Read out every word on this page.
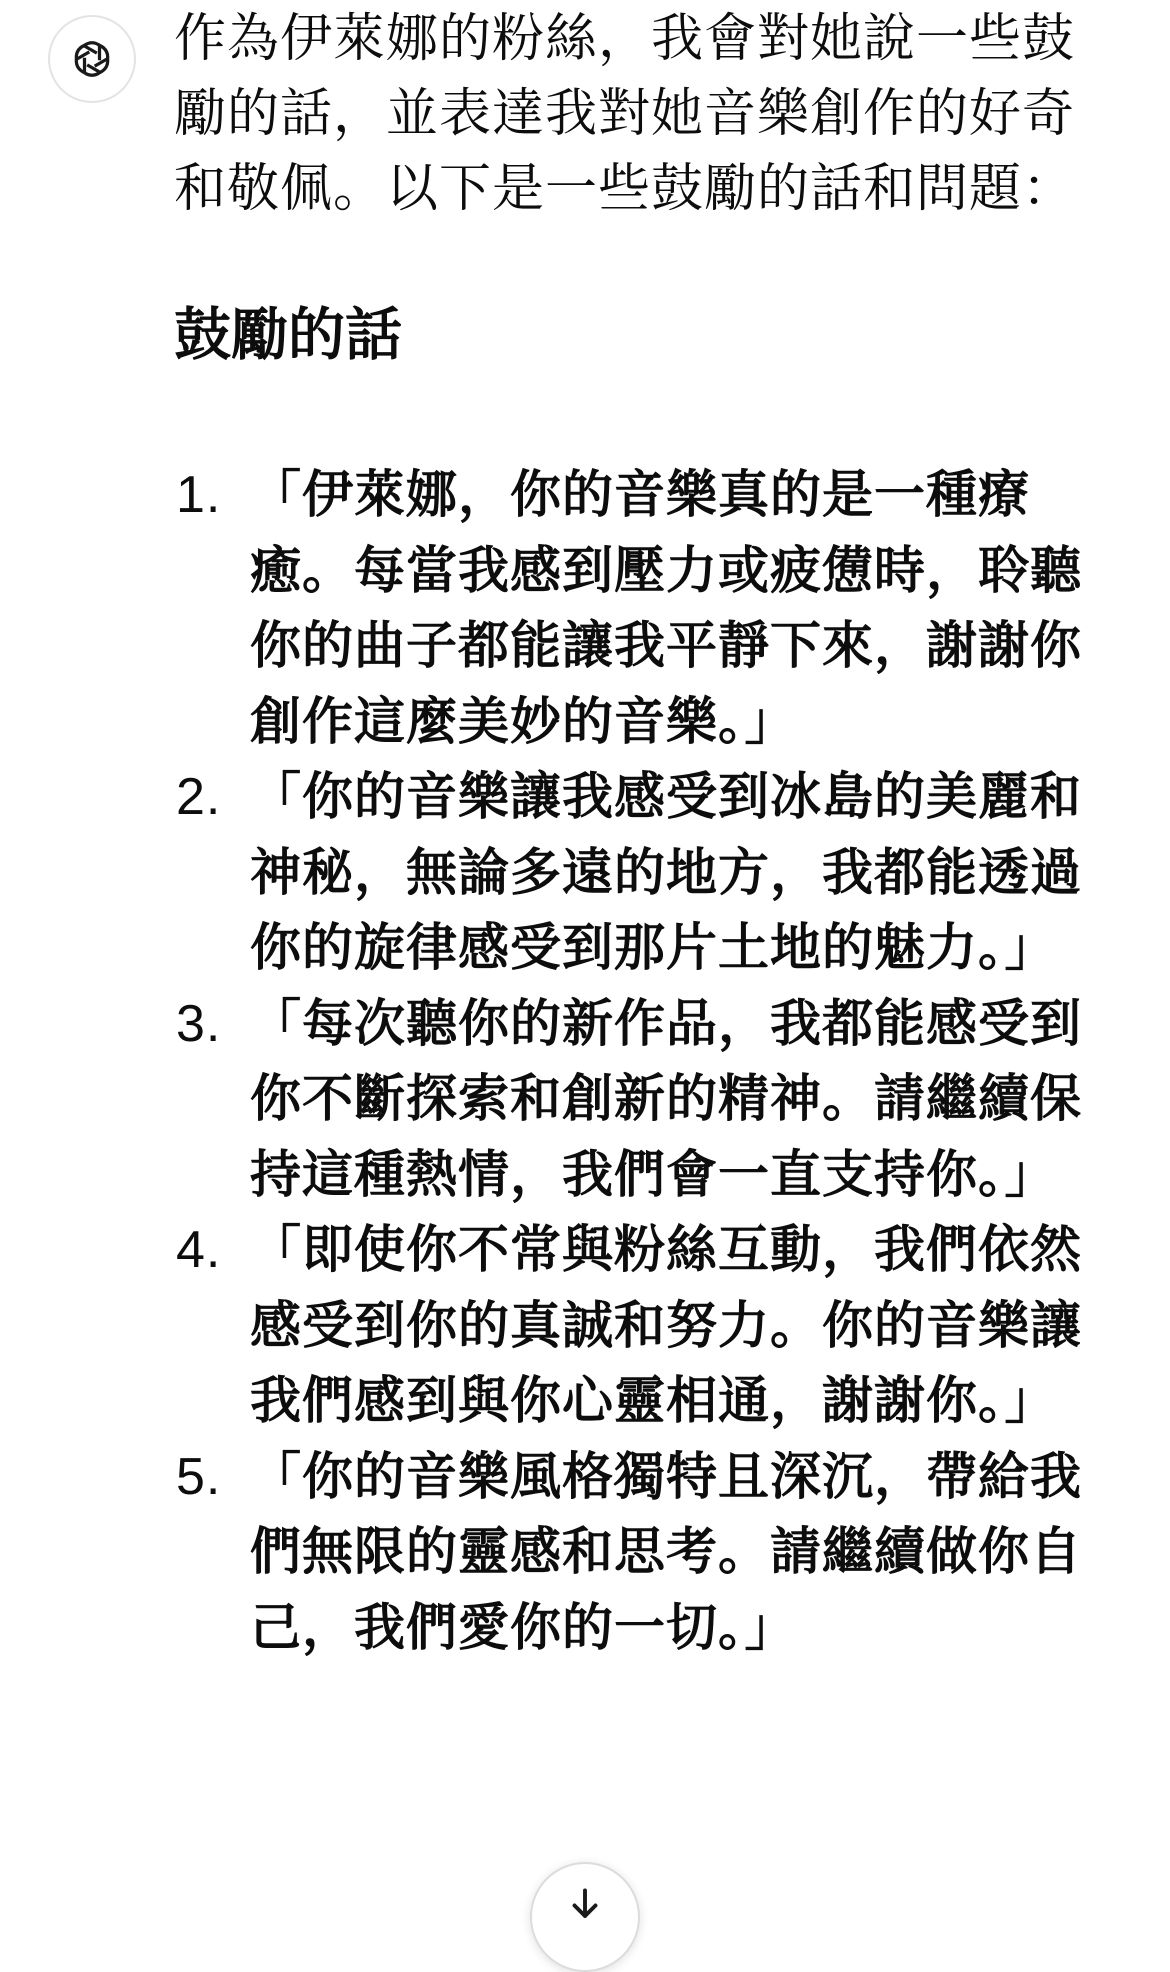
作為伊萊娜的粉絲，我會對她說一些鼓勵的話，並表達我對她音樂創作的好奇和敬佩。以下是一些鼓勵的話和問題：

鼓勵的話
1. 「伊萊娜，你的音樂真的是一種療癒。每當我感到壓力或疲憊時，聆聽你的曲子都能讓我平靜下來，謝謝你創作這麼美妙的音樂。」
2. 「你的音樂讓我感受到冰島的美麗和神秘，無論多遠的地方，我都能透過你的旋律感受到那片土地的魅力。」
3. 「每次聽你的新作品，我都能感受到你不斷探索和創新的精神。請繼續保持這種熱情，我們會一直支持你。」
4. 「即使你不常與粉絲互動，我們依然感受到你的真誠和努力。你的音樂讓我們感到與你心靈相通，謝謝你。」
5. 「你的音樂風格獨特且深沉，帶給我們無限的靈感和思考。請繼續做你自己，我們愛你的一切。」
